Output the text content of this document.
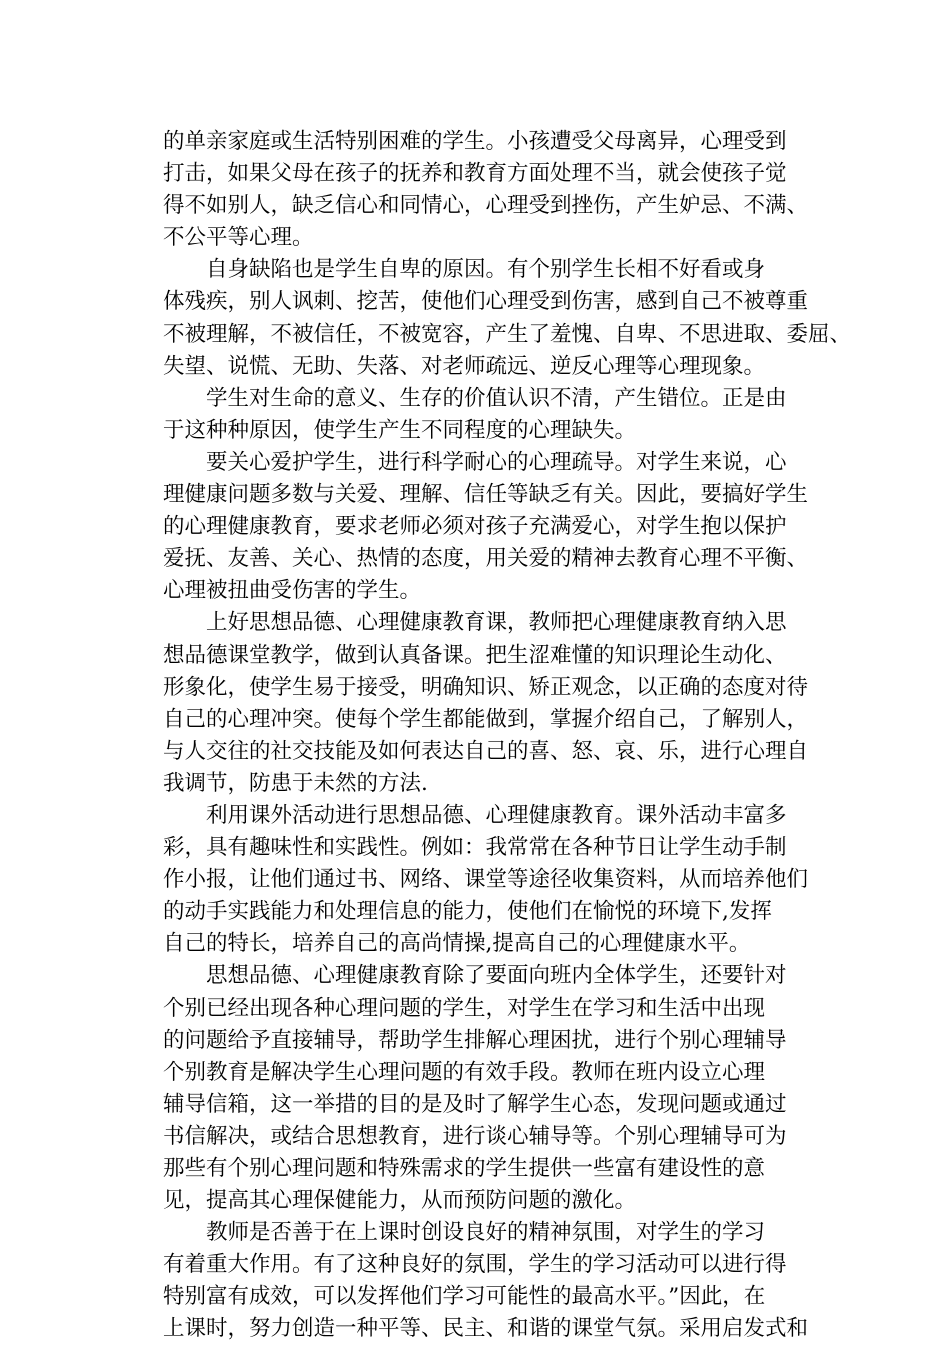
的单亲家庭或生活特别困难的学生。小孩遭受父母离异，心理受到
打击，如果父母在孩子的抚养和教育方面处理不当，就会使孩子觉
得不如别人，缺乏信心和同情心，心理受到挫伤，产生妒忌、不满、
不公平等心理。
　　自身缺陷也是学生自卑的原因。有个别学生长相不好看或身
体残疾，别人讽刺、挖苦，使他们心理受到伤害，感到自己不被尊重
不被理解，不被信任，不被宽容，产生了羞愧、自卑、不思进取、委屈、
失望、说慌、无助、失落、对老师疏远、逆反心理等心理现象。
　　学生对生命的意义、生存的价值认识不清，产生错位。正是由
于这种种原因，使学生产生不同程度的心理缺失。
　　要关心爱护学生，进行科学耐心的心理疏导。对学生来说，心
理健康问题多数与关爱、理解、信任等缺乏有关。因此，要搞好学生
的心理健康教育，要求老师必须对孩子充满爱心，对学生抱以保护
爱抚、友善、关心、热情的态度，用关爱的精神去教育心理不平衡、
心理被扭曲受伤害的学生。
　　上好思想品德、心理健康教育课，教师把心理健康教育纳入思
想品德课堂教学，做到认真备课。把生涩难懂的知识理论生动化、
形象化，使学生易于接受，明确知识、矫正观念，以正确的态度对待
自己的心理冲突。使每个学生都能做到，掌握介绍自己，了解别人，
与人交往的社交技能及如何表达自己的喜、怒、哀、乐，进行心理自
我调节，防患于未然的方法.
　　利用课外活动进行思想品德、心理健康教育。课外活动丰富多
彩，具有趣味性和实践性。例如：我常常在各种节日让学生动手制
作小报，让他们通过书、网络、课堂等途径收集资料，从而培养他们
的动手实践能力和处理信息的能力，使他们在愉悦的环境下,发挥
自己的特长，培养自己的高尚情操,提高自己的心理健康水平。
　　思想品德、心理健康教育除了要面向班内全体学生，还要针对
个别已经出现各种心理问题的学生，对学生在学习和生活中出现
的问题给予直接辅导，帮助学生排解心理困扰，进行个别心理辅导
个别教育是解决学生心理问题的有效手段。教师在班内设立心理
辅导信箱，这一举措的目的是及时了解学生心态，发现问题或通过
书信解决，或结合思想教育，进行谈心辅导等。个别心理辅导可为
那些有个别心理问题和特殊需求的学生提供一些富有建设性的意
见，提高其心理保健能力，从而预防问题的激化。
　　教师是否善于在上课时创设良好的精神氛围，对学生的学习
有着重大作用。有了这种良好的氛围，学生的学习活动可以进行得
特别富有成效，可以发挥他们学习可能性的最高水平。”因此，在
上课时，努力创造一种平等、民主、和谐的课堂气氛。采用启发式和
